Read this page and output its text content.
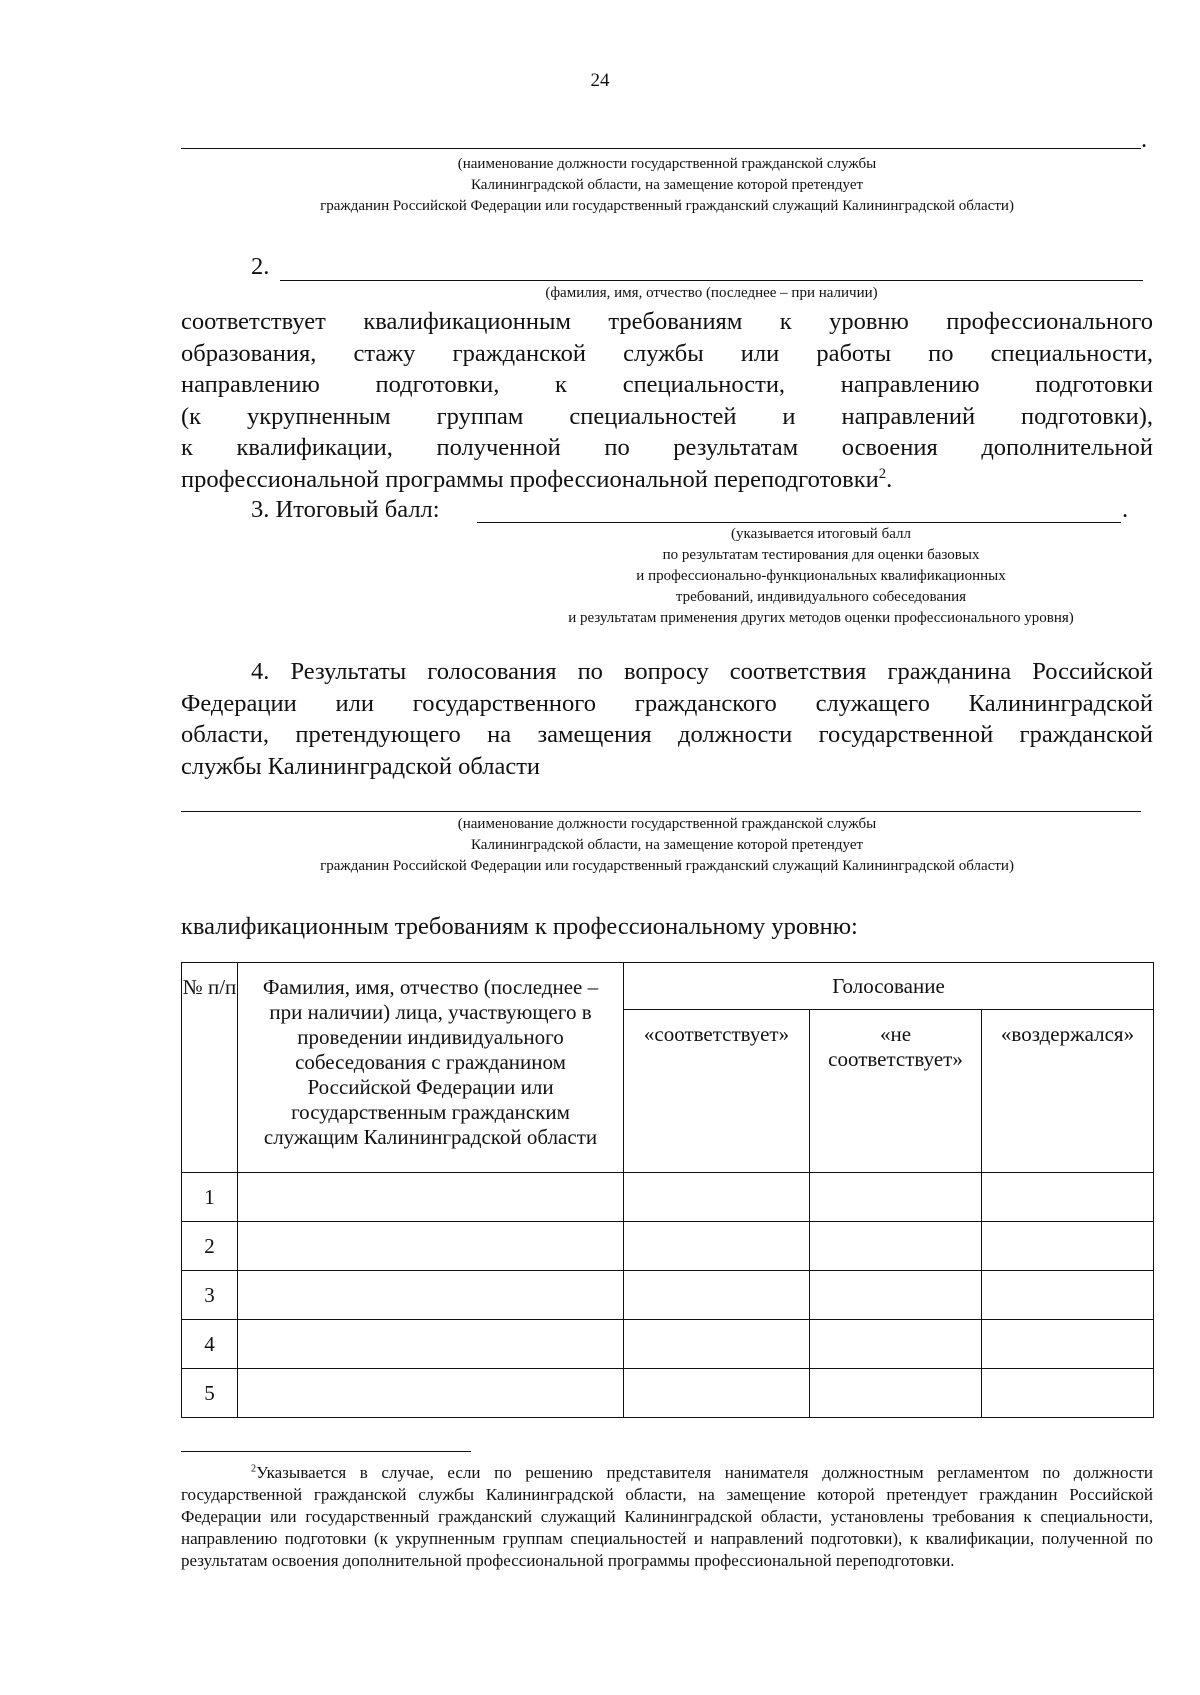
24
.
(наименование должности государственной гражданской службы
Калининградской области, на замещение которой претендует
гражданин Российской Федерации или государственный гражданский служащий Калининградской области)
2.
(фамилия, имя, отчество (последнее – при наличии)
соответствует квалификационным требованиям к уровню профессионального
образования, стажу гражданской службы или работы по специальности,
направлению подготовки, к специальности, направлению подготовки
(к укрупненным группам специальностей и направлений подготовки),
к квалификации, полученной по результатам освоения дополнительной
профессиональной программы профессиональной переподготовки$^2$.
3. Итоговый балл:	.
(указывается итоговый балл
по результатам тестирования для оценки базовых
и профессионально-функциональных квалификационных
требований, индивидуального собеседования
и результатам применения других методов оценки профессионального уровня)
4. Результаты голосования по вопросу соответствия гражданина Российской
Федерации или государственного гражданского служащего Калининградской
области, претендующего на замещения должности государственной гражданской
службы Калининградской области
(наименование должности государственной гражданской службы
Калининградской области, на замещение которой претендует
гражданин Российской Федерации или государственный гражданский служащий Калининградской области)
квалификационным требованиям к профессиональному уровню:
№ п/п	Фамилия, имя, отчество (последнее – при наличии) лица, участвующего в проведении индивидуального собеседования с гражданином Российской Федерации или государственным гражданским служащим Калининградской области	Голосование		
		«соответствует»	«не соответствует»	«воздержался»
1				
2				
3				
4				
5				
$^2$Указывается в случае, если по решению представителя нанимателя должностным регламентом по должности государственной гражданской службы Калининградской области, на замещение которой претендует гражданин Российской Федерации или государственный гражданский служащий Калининградской области, установлены требования к специальности, направлению подготовки (к укрупненным группам специальностей и направлений подготовки), к квалификации, полученной по результатам освоения дополнительной профессиональной программы профессиональной переподготовки.
